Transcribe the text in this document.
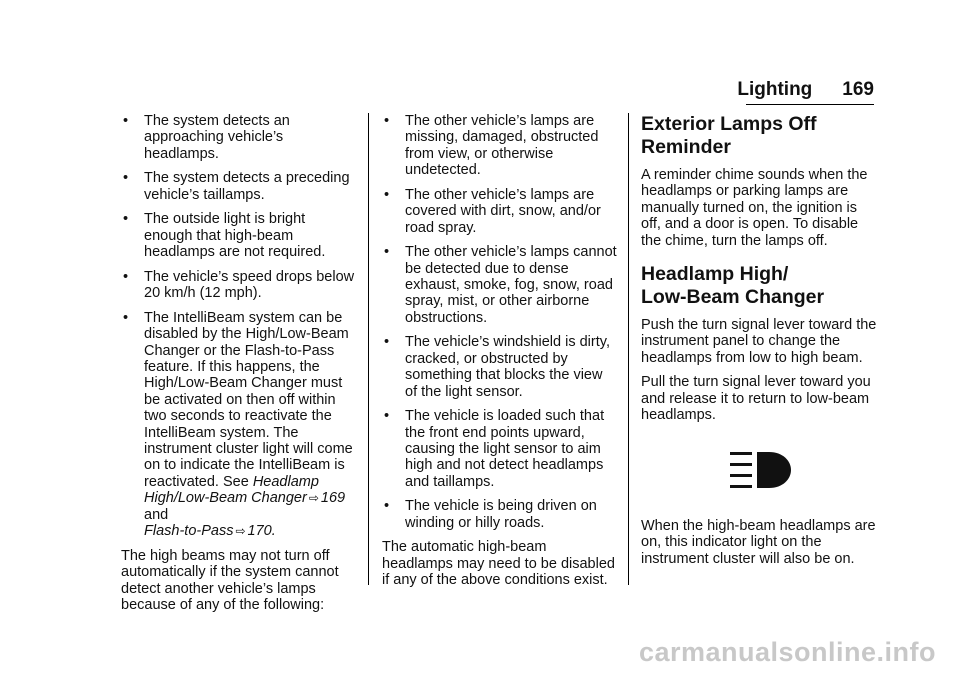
Lighting 169
• The system detects an approaching vehicle’s headlamps.
• The system detects a preceding vehicle’s taillamps.
• The outside light is bright enough that high-beam headlamps are not required.
• The vehicle’s speed drops below 20 km/h (12 mph).
• The IntelliBeam system can be disabled by the High/Low-Beam Changer or the Flash-to-Pass feature. If this happens, the High/Low-Beam Changer must be activated on then off within two seconds to reactivate the IntelliBeam system. The instrument cluster light will come on to indicate the IntelliBeam is reactivated. See Headlamp High/Low-Beam Changer ⇨ 169
and
Flash-to-Pass ⇨ 170.

The high beams may not turn off automatically if the system cannot detect another vehicle’s lamps because of any of the following:

• The other vehicle’s lamps are missing, damaged, obstructed from view, or otherwise undetected.
• The other vehicle’s lamps are covered with dirt, snow, and/or road spray.
• The other vehicle’s lamps cannot be detected due to dense exhaust, smoke, fog, snow, road spray, mist, or other airborne obstructions.
• The vehicle’s windshield is dirty, cracked, or obstructed by something that blocks the view of the light sensor.
• The vehicle is loaded such that the front end points upward, causing the light sensor to aim high and not detect headlamps and taillamps.
• The vehicle is being driven on winding or hilly roads.

The automatic high-beam headlamps may need to be disabled if any of the above conditions exist.

Exterior Lamps Off
Reminder

A reminder chime sounds when the headlamps or parking lamps are manually turned on, the ignition is off, and a door is open. To disable the chime, turn the lamps off.

Headlamp High/
Low-Beam Changer

Push the turn signal lever toward the instrument panel to change the headlamps from low to high beam.

Pull the turn signal lever toward you and release it to return to low-beam headlamps.

When the high-beam headlamps are on, this indicator light on the instrument cluster will also be on.

carmanualsonline.info
